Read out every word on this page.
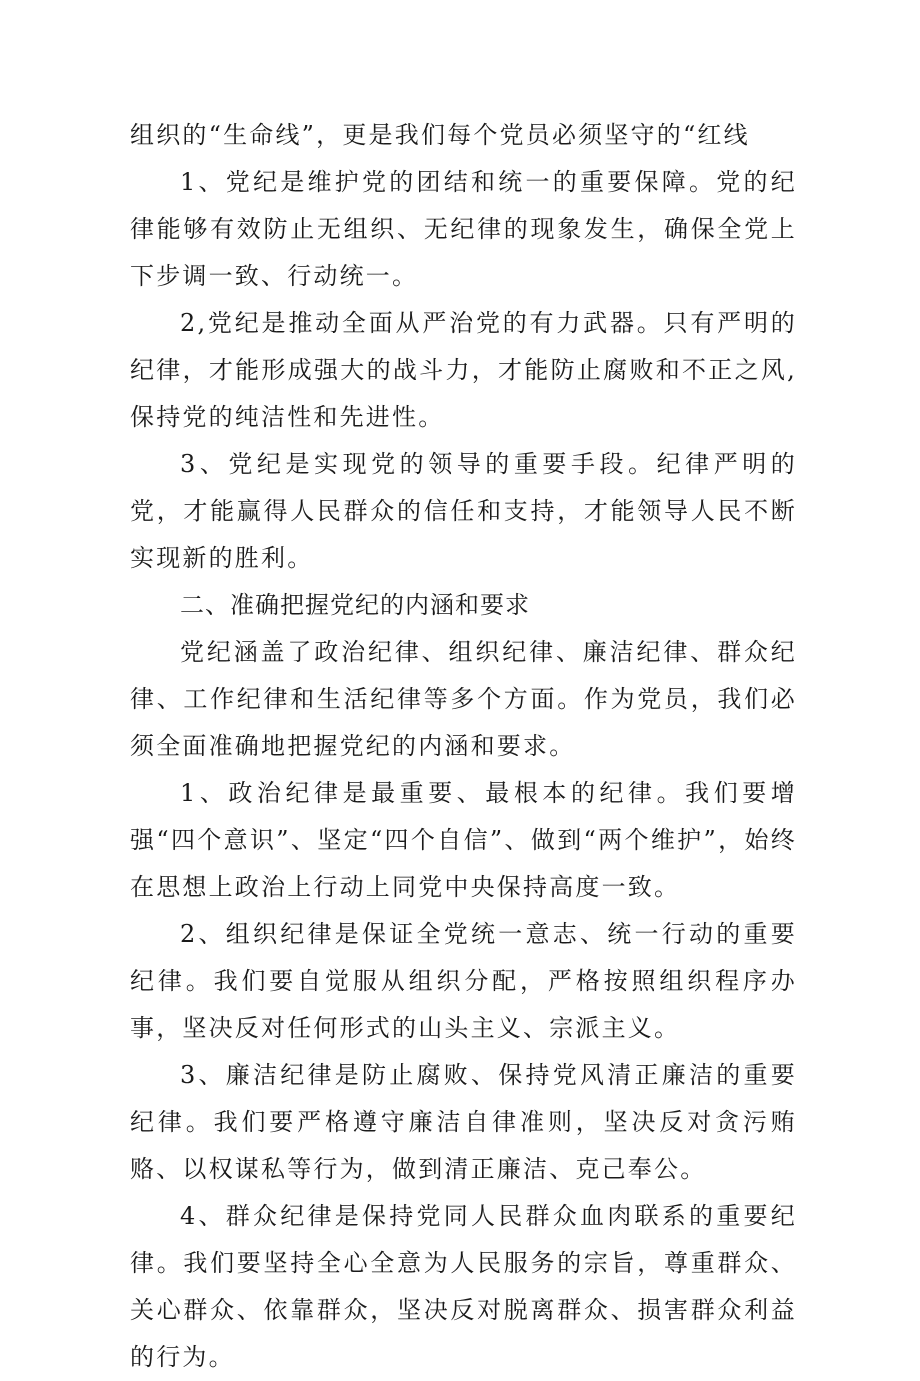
组织的“生命线”，更是我们每个党员必须坚守的“红线

1、党纪是维护党的团结和统一的重要保障。党的纪律能够有效防止无组织、无纪律的现象发生，确保全党上下步调一致、行动统一。

2,党纪是推动全面从严治党的有力武器。只有严明的纪律，才能形成强大的战斗力，才能防止腐败和不正之风,保持党的纯洁性和先进性。

3、党纪是实现党的领导的重要手段。纪律严明的党，才能赢得人民群众的信任和支持，才能领导人民不断实现新的胜利。

二、准确把握党纪的内涵和要求

党纪涵盖了政治纪律、组织纪律、廉洁纪律、群众纪律、工作纪律和生活纪律等多个方面。作为党员，我们必须全面准确地把握党纪的内涵和要求。

1、政治纪律是最重要、最根本的纪律。我们要增强“四个意识”、坚定“四个自信”、做到“两个维护”，始终在思想上政治上行动上同党中央保持高度一致。

2、组织纪律是保证全党统一意志、统一行动的重要纪律。我们要自觉服从组织分配，严格按照组织程序办事，坚决反对任何形式的山头主义、宗派主义。

3、廉洁纪律是防止腐败、保持党风清正廉洁的重要纪律。我们要严格遵守廉洁自律准则，坚决反对贪污贿赂、以权谋私等行为，做到清正廉洁、克己奉公。

4、群众纪律是保持党同人民群众血肉联系的重要纪律。我们要坚持全心全意为人民服务的宗旨，尊重群众、关心群众、依靠群众，坚决反对脱离群众、损害群众利益的行为。
